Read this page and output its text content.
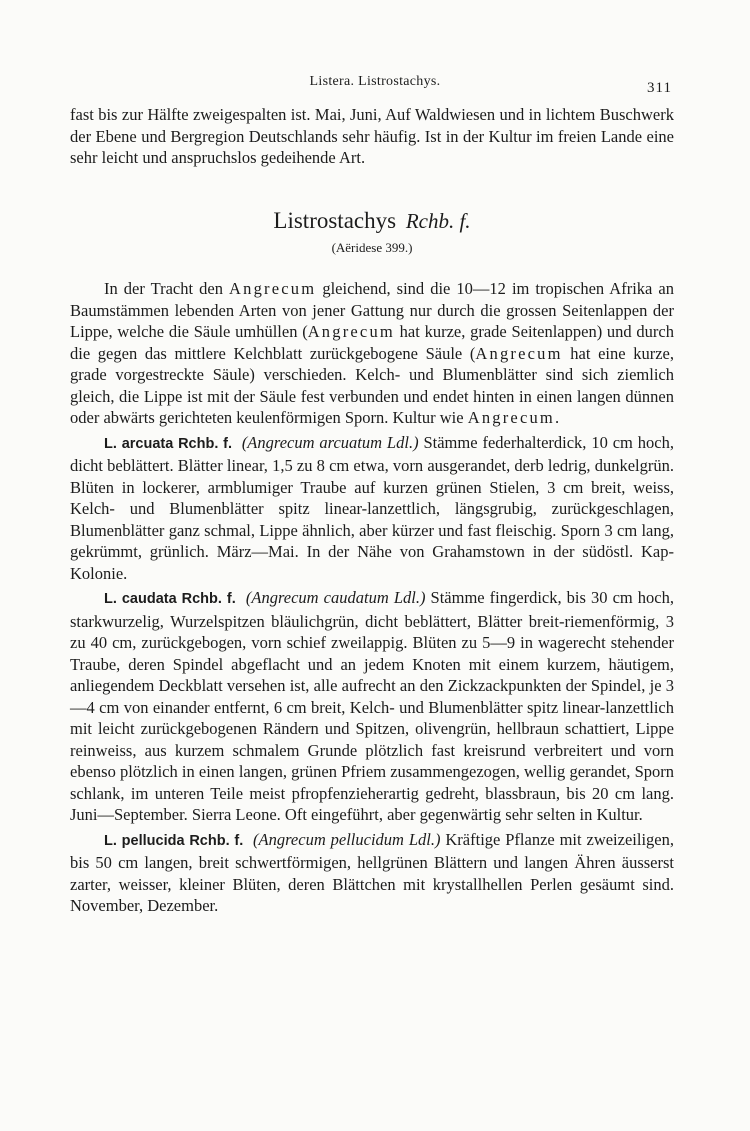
Listera. Listrostachys.	311

fast bis zur Hälfte zweigespalten ist. Mai, Juni, Auf Waldwiesen und in lichtem Buschwerk der Ebene und Bergregion Deutschlands sehr häufig. Ist in der Kultur im freien Lande eine sehr leicht und anspruchslos gedeihende Art.

Listrostachys Rchb. f.
(Aëridese 399.)

In der Tracht den Angrecum gleichend, sind die 10—12 im tropischen Afrika an Baumstämmen lebenden Arten von jener Gattung nur durch die grossen Seitenlappen der Lippe, welche die Säule umhüllen (Angrecum hat kurze, grade Seitenlappen) und durch die gegen das mittlere Kelchblatt zurückgebogene Säule (Angrecum hat eine kurze, grade vorgestreckte Säule) verschieden. Kelch- und Blumenblätter sind sich ziemlich gleich, die Lippe ist mit der Säule fest verbunden und endet hinten in einen langen dünnen oder abwärts gerichteten keulenförmigen Sporn. Kultur wie Angrecum.

L. arcuata Rchb. f. (Angrecum arcuatum Ldl.) Stämme federhalterdick, 10 cm hoch, dicht beblättert. Blätter linear, 1,5 zu 8 cm etwa, vorn ausgerandet, derb ledrig, dunkelgrün. Blüten in lockerer, armblumiger Traube auf kurzen grünen Stielen, 3 cm breit, weiss, Kelch- und Blumenblätter spitz linear-lanzettlich, längsgrubig, zurückgeschlagen, Blumenblätter ganz schmal, Lippe ähnlich, aber kürzer und fast fleischig. Sporn 3 cm lang, gekrümmt, grünlich. März—Mai. In der Nähe von Grahamstown in der südöstl. Kap-Kolonie.

L. caudata Rchb. f. (Angrecum caudatum Ldl.) Stämme fingerdick, bis 30 cm hoch, starkwurzelig, Wurzelspitzen bläulichgrün, dicht beblättert, Blätter breit-riemenförmig, 3 zu 40 cm, zurückgebogen, vorn schief zweilappig. Blüten zu 5—9 in wagerecht stehender Traube, deren Spindel abgeflacht und an jedem Knoten mit einem kurzem, häutigem, anliegendem Deckblatt versehen ist, alle aufrecht an den Zickzackpunkten der Spindel, je 3—4 cm von einander entfernt, 6 cm breit, Kelch- und Blumenblätter spitz linear-lanzettlich mit leicht zurückgebogenen Rändern und Spitzen, olivengrün, hellbraun schattiert, Lippe reinweiss, aus kurzem schmalem Grunde plötzlich fast kreisrund verbreitert und vorn ebenso plötzlich in einen langen, grünen Pfriem zusammengezogen, wellig gerandet, Sporn schlank, im unteren Teile meist pfropfenzieherartig gedreht, blassbraun, bis 20 cm lang. Juni—September. Sierra Leone. Oft eingeführt, aber gegenwärtig sehr selten in Kultur.

L. pellucida Rchb. f. (Angrecum pellucidum Ldl.) Kräftige Pflanze mit zweizeiligen, bis 50 cm langen, breit schwertförmigen, hellgrünen Blättern und langen Ähren äusserst zarter, weisser, kleiner Blüten, deren Blättchen mit krystallhellen Perlen gesäumt sind. November, Dezember.
